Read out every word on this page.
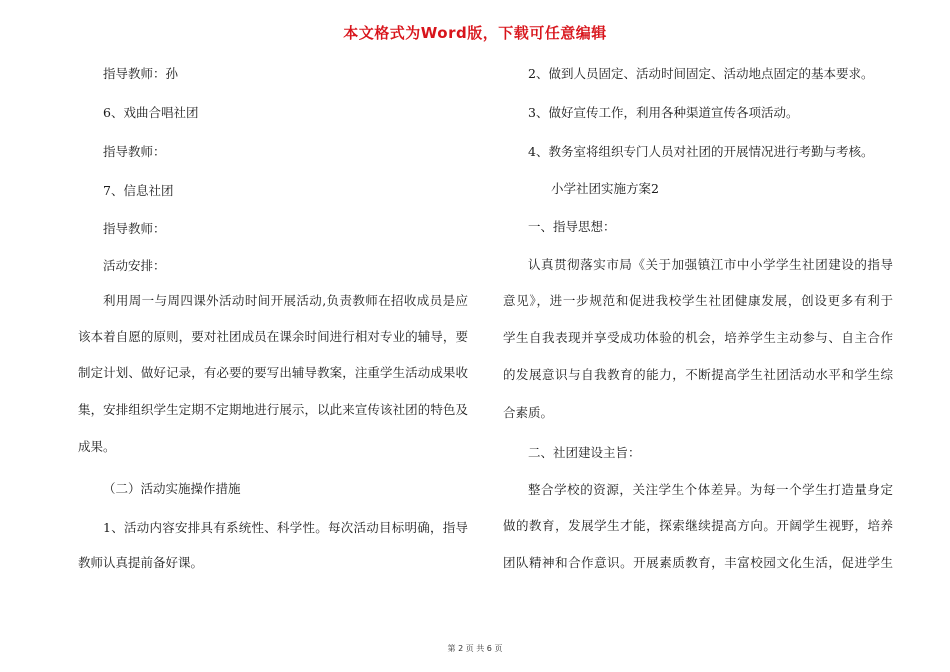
本文格式为Word版，下载可任意编辑
指导教师：孙
6、戏曲合唱社团
指导教师：
7、信息社团
指导教师：
活动安排：
利用周一与周四课外活动时间开展活动,负责教师在招收成员是应
该本着自愿的原则，要对社团成员在课余时间进行相对专业的辅导，要
制定计划、做好记录，有必要的要写出辅导教案，注重学生活动成果收
集，安排组织学生定期不定期地进行展示，以此来宣传该社团的特色及
成果。
（二）活动实施操作措施
1、活动内容安排具有系统性、科学性。每次活动目标明确，指导
教师认真提前备好课。
2、做到人员固定、活动时间固定、活动地点固定的基本要求。
3、做好宣传工作，利用各种渠道宣传各项活动。
4、教务室将组织专门人员对社团的开展情况进行考勤与考核。
小学社团实施方案2
一、指导思想：
认真贯彻落实市局《关于加强镇江市中小学学生社团建设的指导
意见》，进一步规范和促进我校学生社团健康发展，创设更多有利于
学生自我表现并享受成功体验的机会，培养学生主动参与、自主合作
的发展意识与自我教育的能力，不断提高学生社团活动水平和学生综
合素质。
二、社团建设主旨：
整合学校的资源，关注学生个体差异。为每一个学生打造量身定
做的教育，发展学生才能，探索继续提高方向。开阔学生视野，培养
团队精神和合作意识。开展素质教育，丰富校园文化生活，促进学生
第 2 页 共 6 页
